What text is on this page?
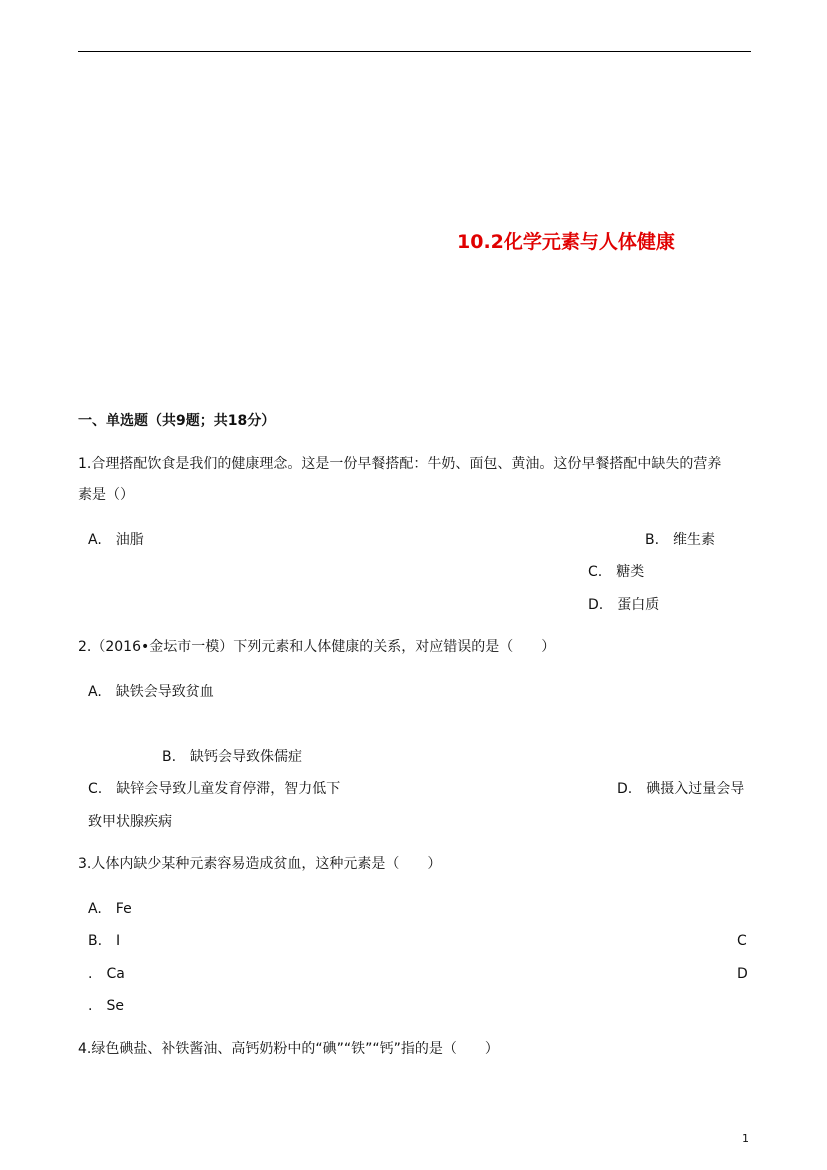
10.2化学元素与人体健康
一、单选题（共9题；共18分）
1.合理搭配饮食是我们的健康理念。这是一份早餐搭配：牛奶、面包、黄油。这份早餐搭配中缺失的营养
素是（）
A.　油脂	B.　维生素
C.　糖类
D.　蛋白质
2.（2016•金坛市一模）下列元素和人体健康的关系，对应错误的是（　　）
A.　缺铁会导致贫血
B.　缺钙会导致侏儒症
C.　缺锌会导致儿童发育停滞，智力低下	D.　碘摄入过量会导
致甲状腺疾病
3.人体内缺少某种元素容易造成贫血，这种元素是（　　）
A.　Fe
B.　I	C
.　Ca	D
.　Se
4.绿色碘盐、补铁酱油、高钙奶粉中的“碘”“铁”“钙”指的是（　　）
1
